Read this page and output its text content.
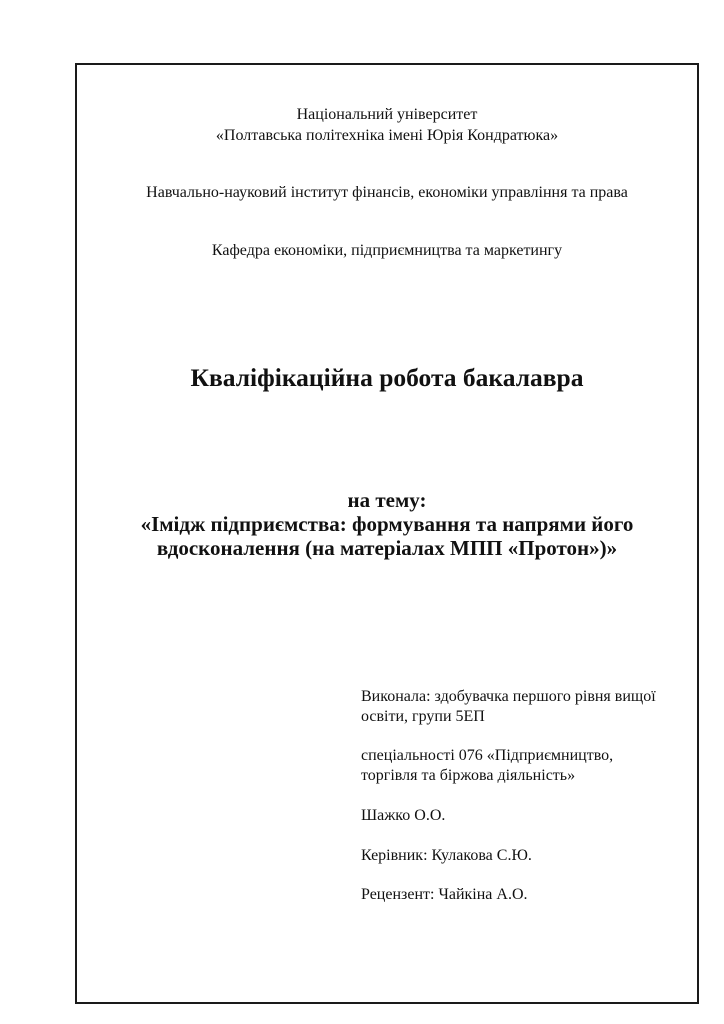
Національний університет
«Полтавська політехніка імені Юрія Кондратюка»
Навчально-науковий інститут фінансів, економіки управління та права
Кафедра економіки, підприємництва та маркетингу
Кваліфікаційна робота бакалавра
на тему:
«Імідж підприємства: формування та напрями його
вдосконалення (на матеріалах МПП «Протон»)»
Виконала: здобувачка першого рівня вищої
освіти, групи 5ЕП
спеціальності 076 «Підприємництво,
торгівля та біржова діяльність»
Шажко О.О.
Керівник: Кулакова С.Ю.
Рецензент: Чайкіна А.О.
